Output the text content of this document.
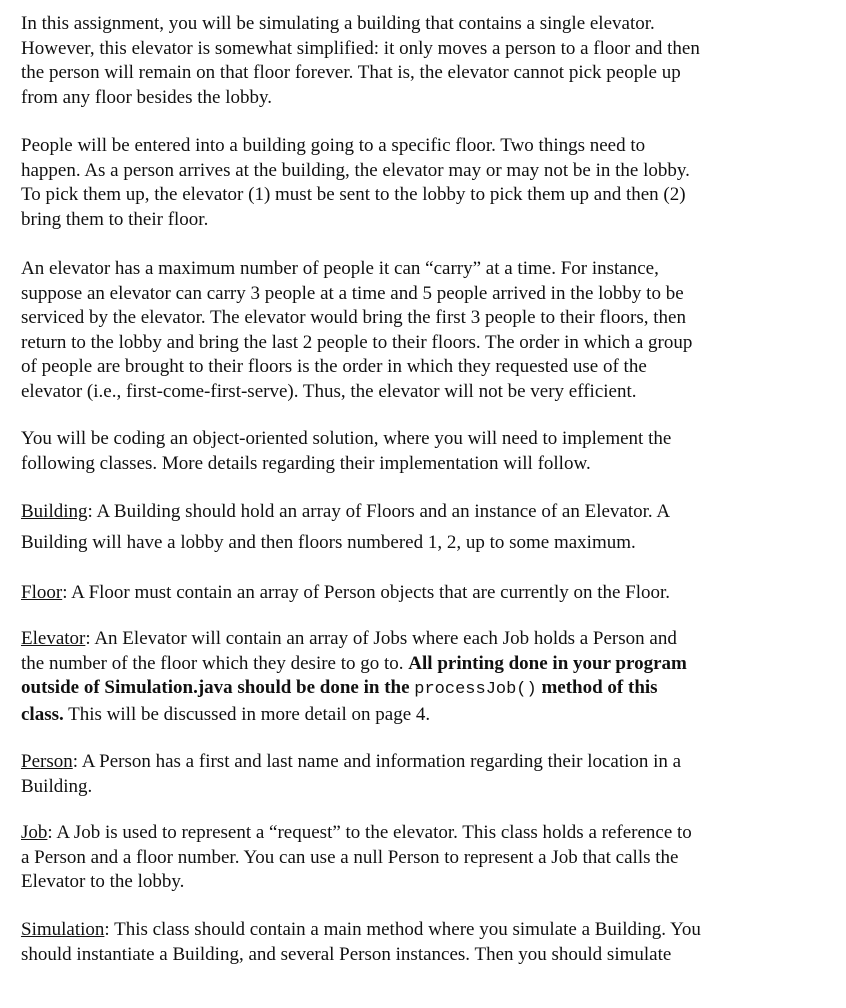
In this assignment, you will be simulating a building that contains a single elevator.
However, this elevator is somewhat simplified: it only moves a person to a floor and then
the person will remain on that floor forever. That is, the elevator cannot pick people up
from any floor besides the lobby.

People will be entered into a building going to a specific floor. Two things need to
happen. As a person arrives at the building, the elevator may or may not be in the lobby.
To pick them up, the elevator (1) must be sent to the lobby to pick them up and then (2)
bring them to their floor.

An elevator has a maximum number of people it can “carry” at a time. For instance,
suppose an elevator can carry 3 people at a time and 5 people arrived in the lobby to be
serviced by the elevator. The elevator would bring the first 3 people to their floors, then
return to the lobby and bring the last 2 people to their floors. The order in which a group
of people are brought to their floors is the order in which they requested use of the
elevator (i.e., first-come-first-serve). Thus, the elevator will not be very efficient.

You will be coding an object-oriented solution, where you will need to implement the
following classes. More details regarding their implementation will follow.

Building: A Building should hold an array of Floors and an instance of an Elevator. A
Building will have a lobby and then floors numbered 1, 2, up to some maximum.

Floor: A Floor must contain an array of Person objects that are currently on the Floor.

Elevator: An Elevator will contain an array of Jobs where each Job holds a Person and
the number of the floor which they desire to go to. All printing done in your program
outside of Simulation.java should be done in the processJob() method of this
class. This will be discussed in more detail on page 4.

Person: A Person has a first and last name and information regarding their location in a
Building.

Job: A Job is used to represent a “request” to the elevator. This class holds a reference to
a Person and a floor number. You can use a null Person to represent a Job that calls the
Elevator to the lobby.

Simulation: This class should contain a main method where you simulate a Building. You
should instantiate a Building, and several Person instances. Then you should simulate
